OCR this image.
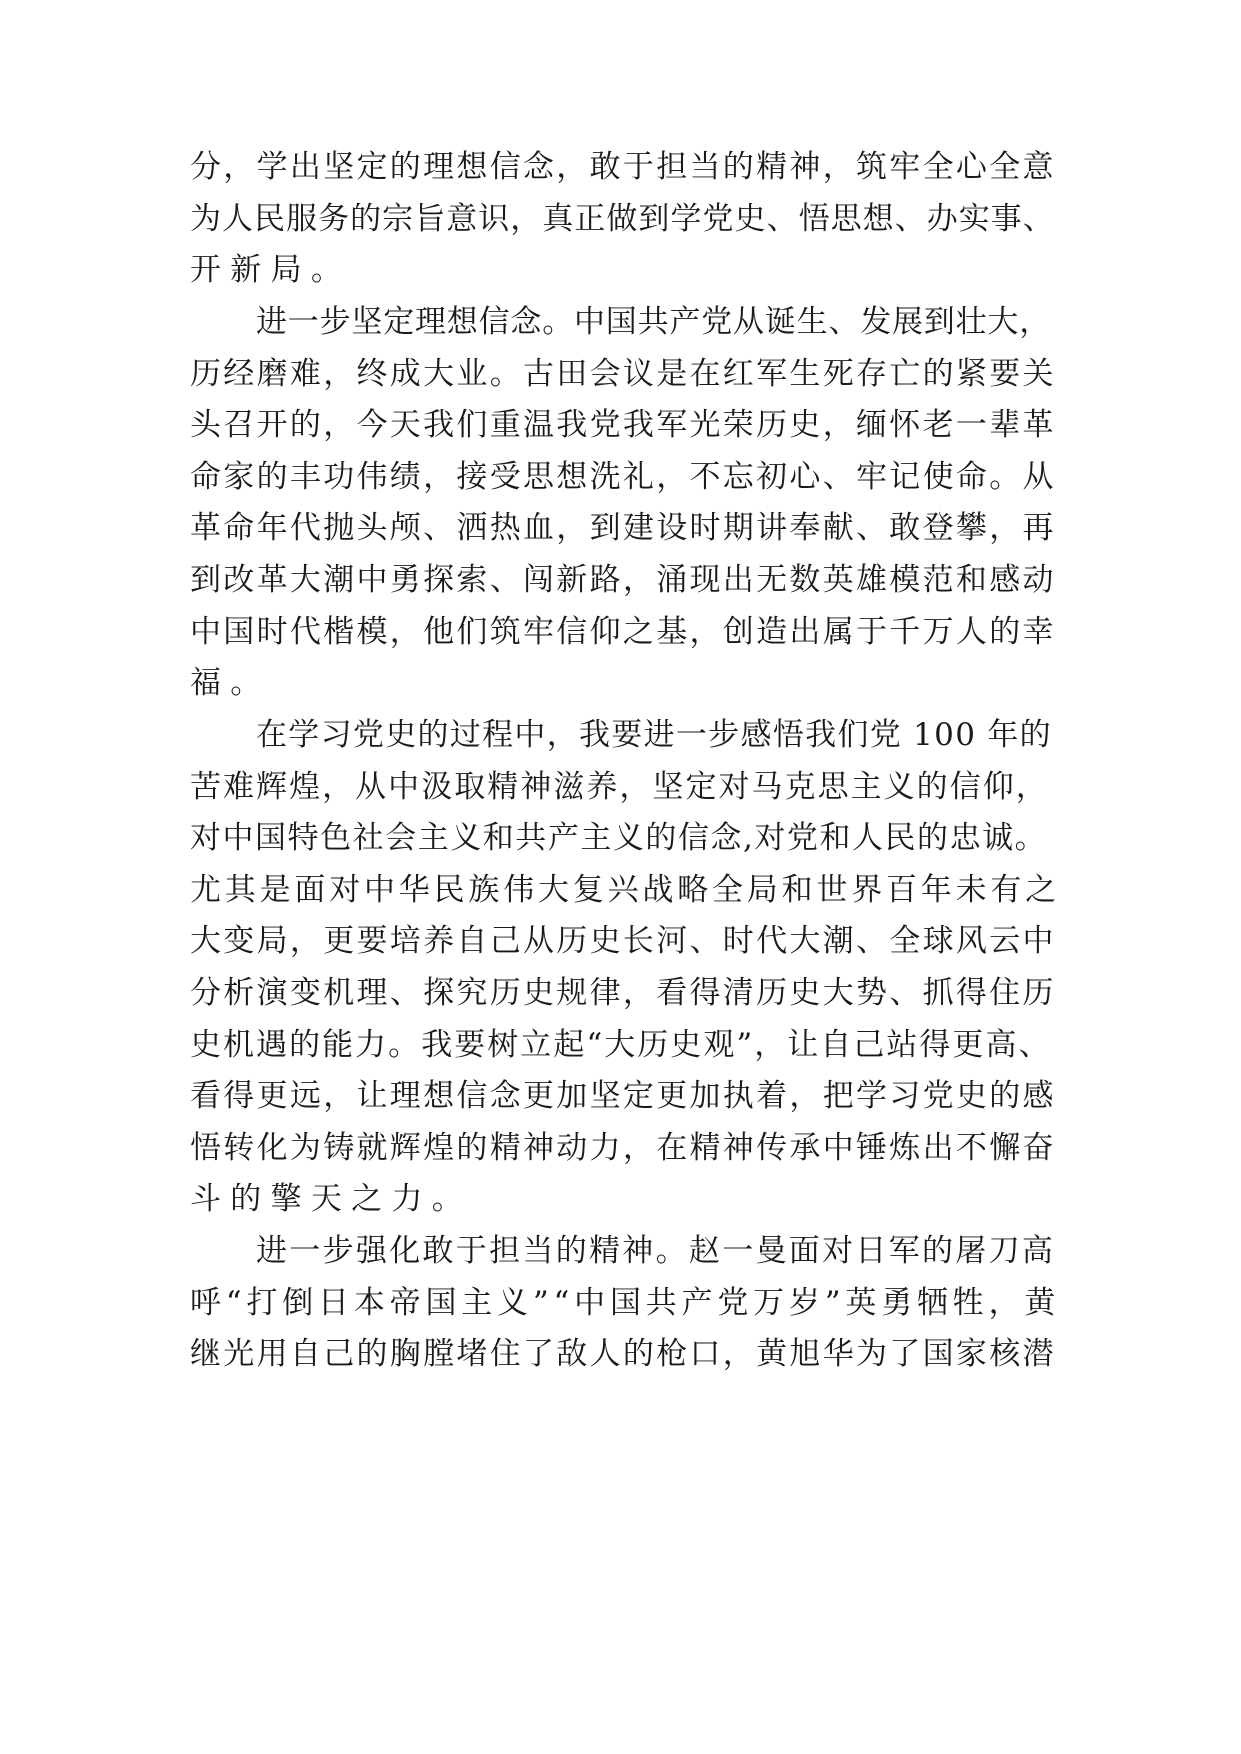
分，学出坚定的理想信念，敢于担当的精神，筑牢全心全意
为人民服务的宗旨意识，真正做到学党史、悟思想、办实事、
开新局。
进一步坚定理想信念。中国共产党从诞生、发展到壮大，
历经磨难，终成大业。古田会议是在红军生死存亡的紧要关
头召开的，今天我们重温我党我军光荣历史，缅怀老一辈革
命家的丰功伟绩，接受思想洗礼，不忘初心、牢记使命。从
革命年代抛头颅、洒热血，到建设时期讲奉献、敢登攀，再
到改革大潮中勇探索、闯新路，涌现出无数英雄模范和感动
中国时代楷模，他们筑牢信仰之基，创造出属于千万人的幸
福。
在学习党史的过程中，我要进一步感悟我们党 100 年的
苦难辉煌，从中汲取精神滋养，坚定对马克思主义的信仰，
对中国特色社会主义和共产主义的信念,对党和人民的忠诚。
尤其是面对中华民族伟大复兴战略全局和世界百年未有之
大变局，更要培养自己从历史长河、时代大潮、全球风云中
分析演变机理、探究历史规律，看得清历史大势、抓得住历
史机遇的能力。我要树立起“大历史观”，让自己站得更高、
看得更远，让理想信念更加坚定更加执着，把学习党史的感
悟转化为铸就辉煌的精神动力，在精神传承中锤炼出不懈奋
斗的擎天之力。
进一步强化敢于担当的精神。赵一曼面对日军的屠刀高
呼“打倒日本帝国主义”“中国共产党万岁”英勇牺牲，黄
继光用自己的胸膛堵住了敌人的枪口，黄旭华为了国家核潜
